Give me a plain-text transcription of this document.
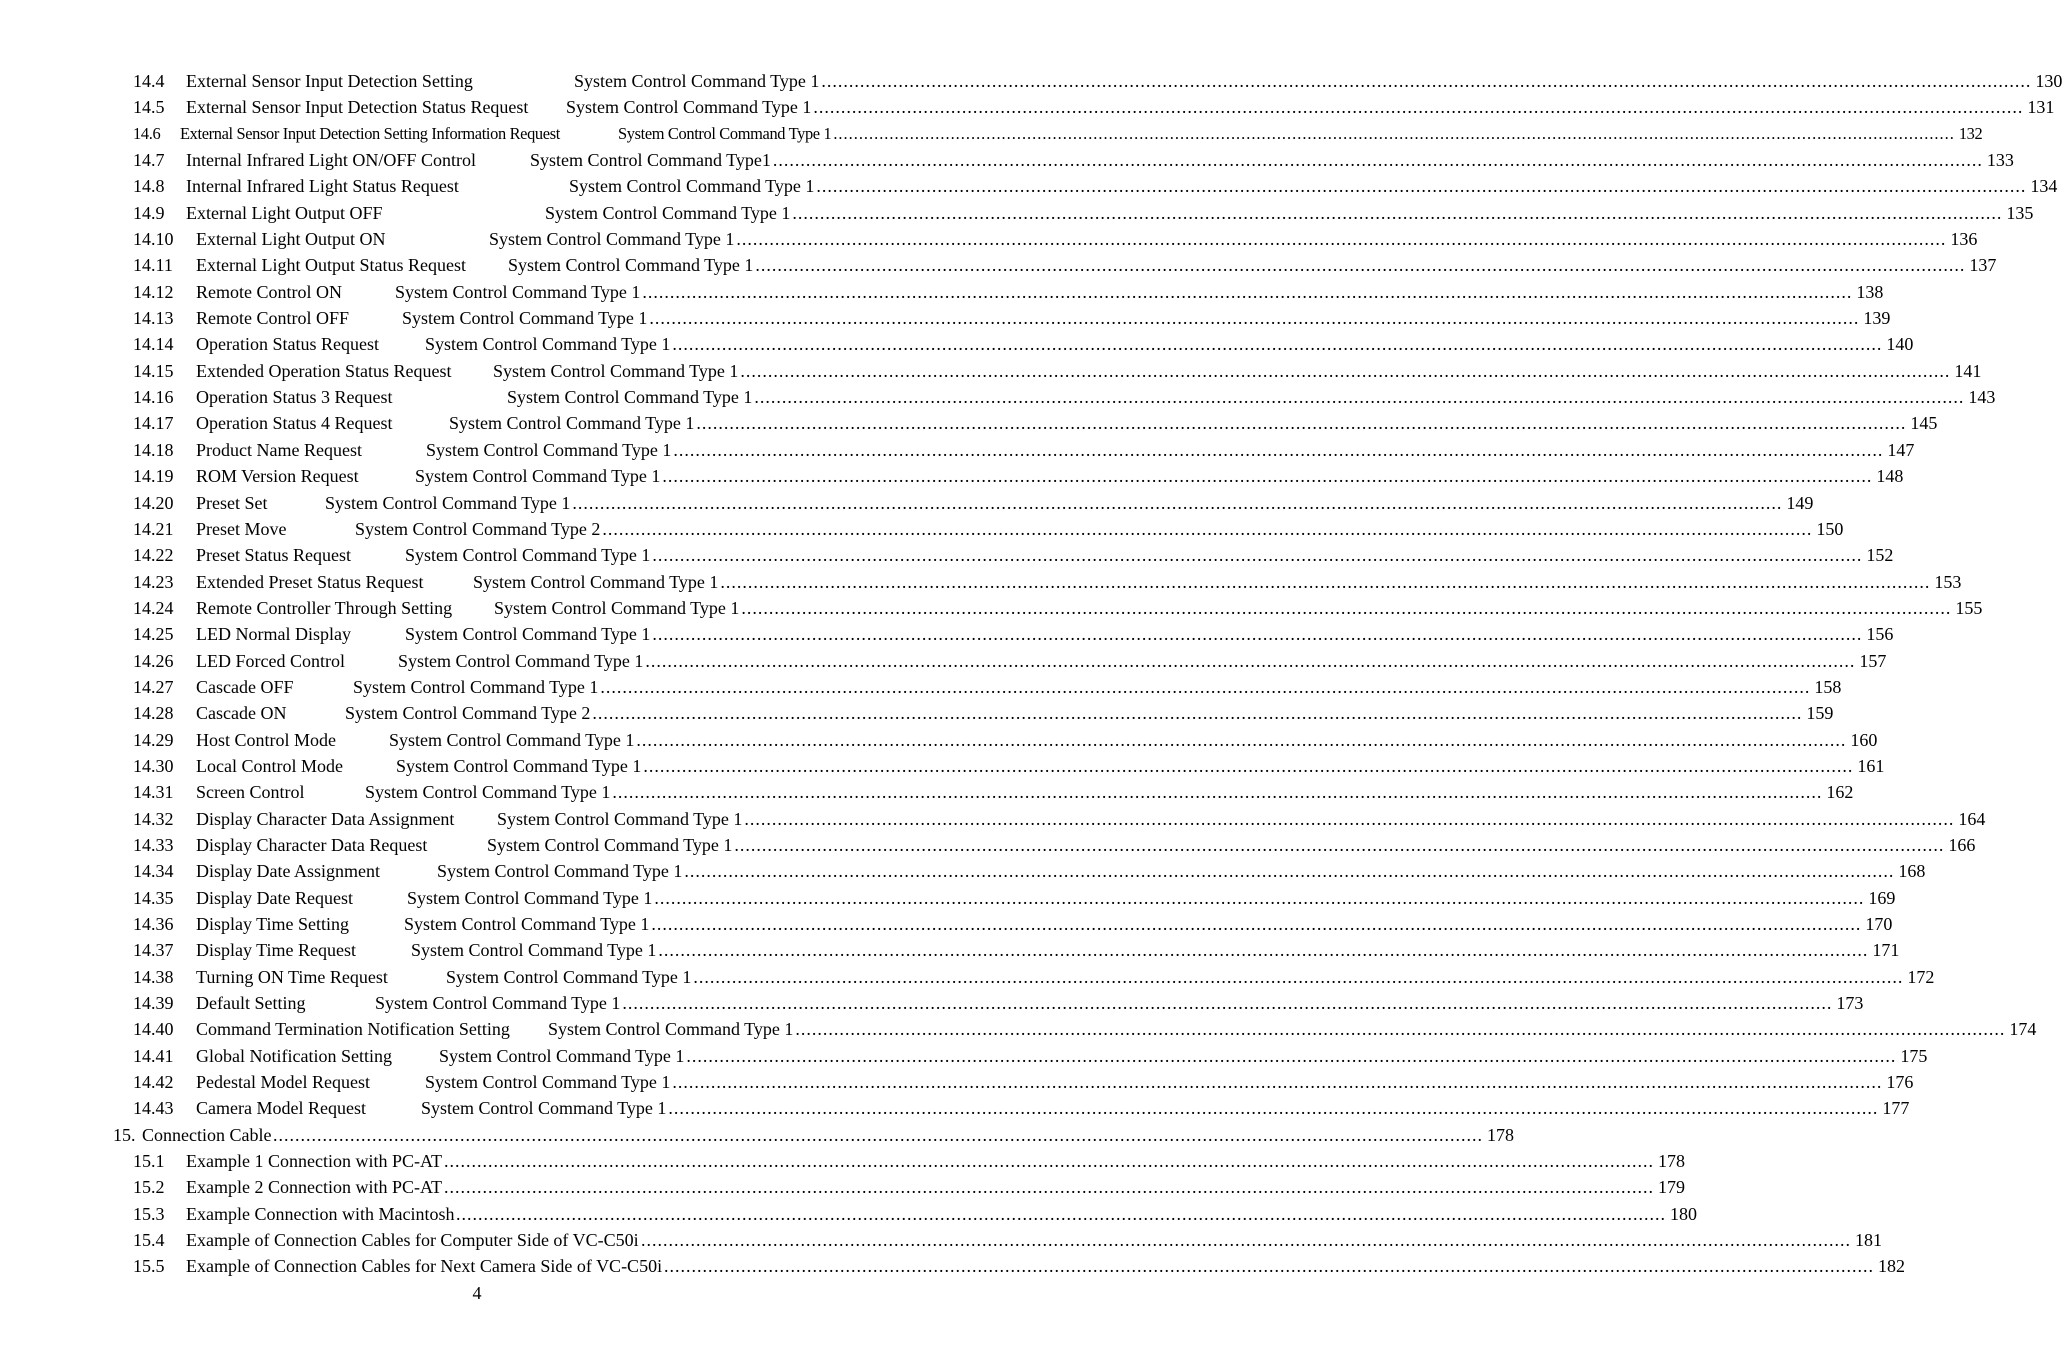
14.4 External Sensor Input Detection Setting	System Control Command Type 1 ............................................................................................................................................................................................................................ 130
14.5 External Sensor Input Detection Status Request System Control Command Type 1 ............................................................................................................................................................................................................................ 131
14.6 External Sensor Input Detection Setting Information Request	System Control Command Type 1 ............................................................................................................................................................................................................................ 132
14.7 Internal Infrared Light ON/OFF Control	System Control Command Type1 ............................................................................................................................................................................................................................ 133
14.8 Internal Infrared Light Status Request	System Control Command Type 1 ............................................................................................................................................................................................................................ 134
14.9 External Light Output OFF	System Control Command Type 1 ............................................................................................................................................................................................................................ 135
14.10 External Light Output ON	System Control Command Type 1 ............................................................................................................................................................................................................................ 136
14.11 External Light Output Status Request System Control Command Type 1 ............................................................................................................................................................................................................................ 137
14.12 Remote Control ON	System Control Command Type 1 ............................................................................................................................................................................................................................ 138
14.13 Remote Control OFF	System Control Command Type 1 ............................................................................................................................................................................................................................ 139
14.14 Operation Status Request	System Control Command Type 1 ............................................................................................................................................................................................................................ 140
14.15 Extended Operation Status Request System Control Command Type 1 ............................................................................................................................................................................................................................ 141
14.16 Operation Status 3 Request	System Control Command Type 1 ............................................................................................................................................................................................................................ 143
14.17 Operation Status 4 Request	System Control Command Type 1 ............................................................................................................................................................................................................................ 145
14.18 Product Name Request	System Control Command Type 1 ............................................................................................................................................................................................................................ 147
14.19 ROM Version Request	System Control Command Type 1 ............................................................................................................................................................................................................................ 148
14.20 Preset Set	System Control Command Type 1 ............................................................................................................................................................................................................................ 149
14.21 Preset Move	System Control Command Type 2 ............................................................................................................................................................................................................................ 150
14.22 Preset Status Request	System Control Command Type 1 ............................................................................................................................................................................................................................ 152
14.23 Extended Preset Status Request	System Control Command Type 1 ............................................................................................................................................................................................................................ 153
14.24 Remote Controller Through Setting System Control Command Type 1 ............................................................................................................................................................................................................................ 155
14.25 LED Normal Display	System Control Command Type 1 ............................................................................................................................................................................................................................ 156
14.26 LED Forced Control	System Control Command Type 1 ............................................................................................................................................................................................................................ 157
14.27 Cascade OFF	System Control Command Type 1 ............................................................................................................................................................................................................................ 158
14.28 Cascade ON	System Control Command Type 2 ............................................................................................................................................................................................................................ 159
14.29 Host Control Mode	System Control Command Type 1 ............................................................................................................................................................................................................................ 160
14.30 Local Control Mode	System Control Command Type 1 ............................................................................................................................................................................................................................ 161
14.31 Screen Control	System Control Command Type 1 ............................................................................................................................................................................................................................ 162
14.32 Display Character Data Assignment System Control Command Type 1 ............................................................................................................................................................................................................................ 164
14.33 Display Character Data Request	System Control Command Type 1 ............................................................................................................................................................................................................................ 166
14.34 Display Date Assignment	System Control Command Type 1 ............................................................................................................................................................................................................................ 168
14.35 Display Date Request	System Control Command Type 1 ............................................................................................................................................................................................................................ 169
14.36 Display Time Setting	System Control Command Type 1 ............................................................................................................................................................................................................................ 170
14.37 Display Time Request	System Control Command Type 1 ............................................................................................................................................................................................................................ 171
14.38 Turning ON Time Request	System Control Command Type 1 ............................................................................................................................................................................................................................ 172
14.39 Default Setting	System Control Command Type 1 ............................................................................................................................................................................................................................ 173
14.40 Command Termination Notification Setting System Control Command Type 1 ............................................................................................................................................................................................................................ 174
14.41 Global Notification Setting	System Control Command Type 1 ............................................................................................................................................................................................................................ 175
14.42 Pedestal Model Request	System Control Command Type 1 ............................................................................................................................................................................................................................ 176
14.43 Camera Model Request	System Control Command Type 1 ............................................................................................................................................................................................................................ 177
15. Connection Cable ............................................................................................................................................................................................................................ 178
15.1 Example 1 Connection with PC-AT ............................................................................................................................................................................................................................ 178
15.2 Example 2 Connection with PC-AT ............................................................................................................................................................................................................................ 179
15.3 Example Connection with Macintosh ............................................................................................................................................................................................................................ 180
15.4 Example of Connection Cables for Computer Side of VC-C50i ............................................................................................................................................................................................................................ 181
15.5 Example of Connection Cables for Next Camera Side of VC-C50i ............................................................................................................................................................................................................................ 182
4
